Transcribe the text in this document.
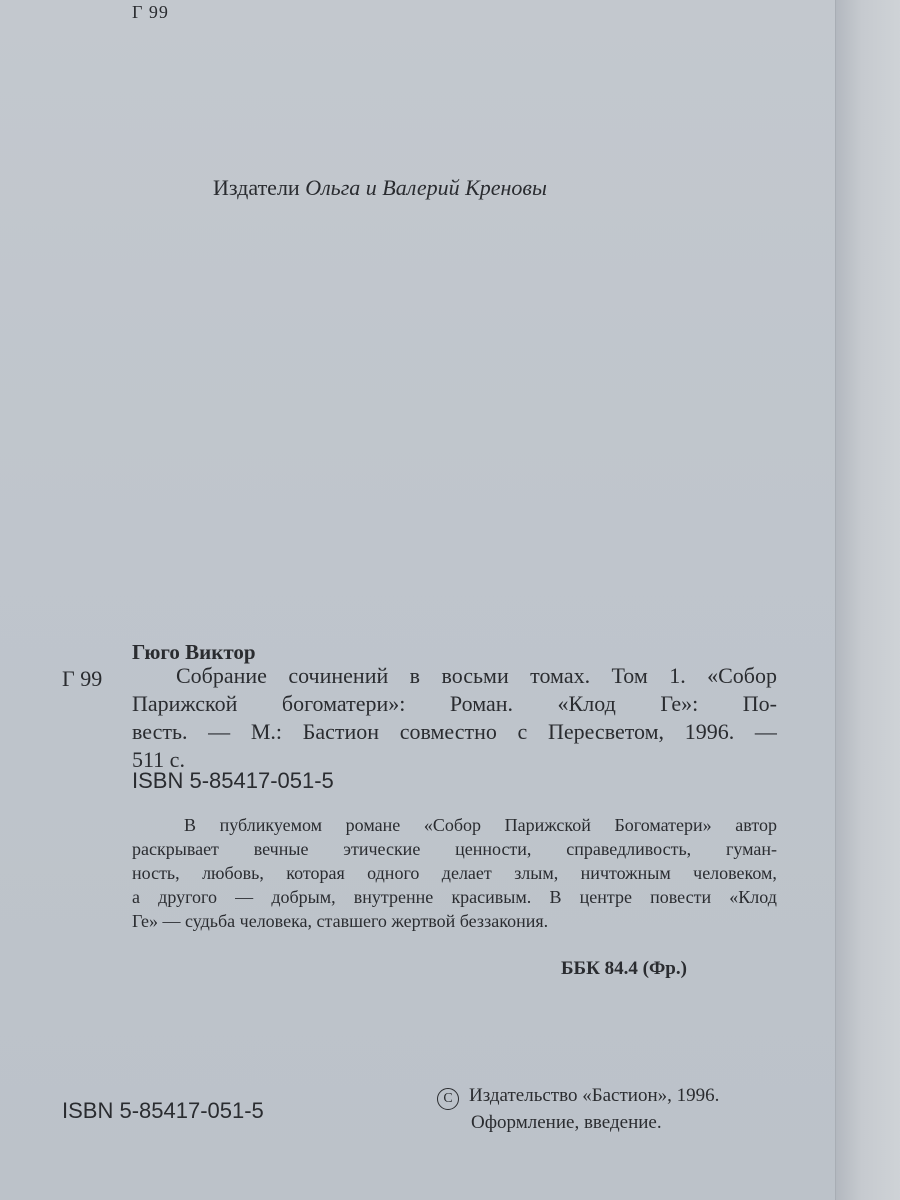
Г 99
Издатели Ольга и Валерий Креновы
Гюго Виктор
Г 99	Собрание сочинений в восьми томах. Том 1. «Собор
Парижской богоматери»: Роман. «Клод Ге»: По-
весть. — М.: Бастион совместно с Пересветом, 1996. —
511 с.
ISBN 5-85417-051-5
В публикуемом романе «Собор Парижской Богоматери» автор
раскрывает вечные этические ценности, справедливость, гуман-
ность, любовь, которая одного делает злым, ничтожным человеком,
а другого — добрым, внутренне красивым. В центре повести «Клод
Ге» — судьба человека, ставшего жертвой беззакония.
ББК 84.4 (Фр.)
ISBN 5-85417-051-5	C Издательство «Бастион», 1996.
Оформление, введение.
